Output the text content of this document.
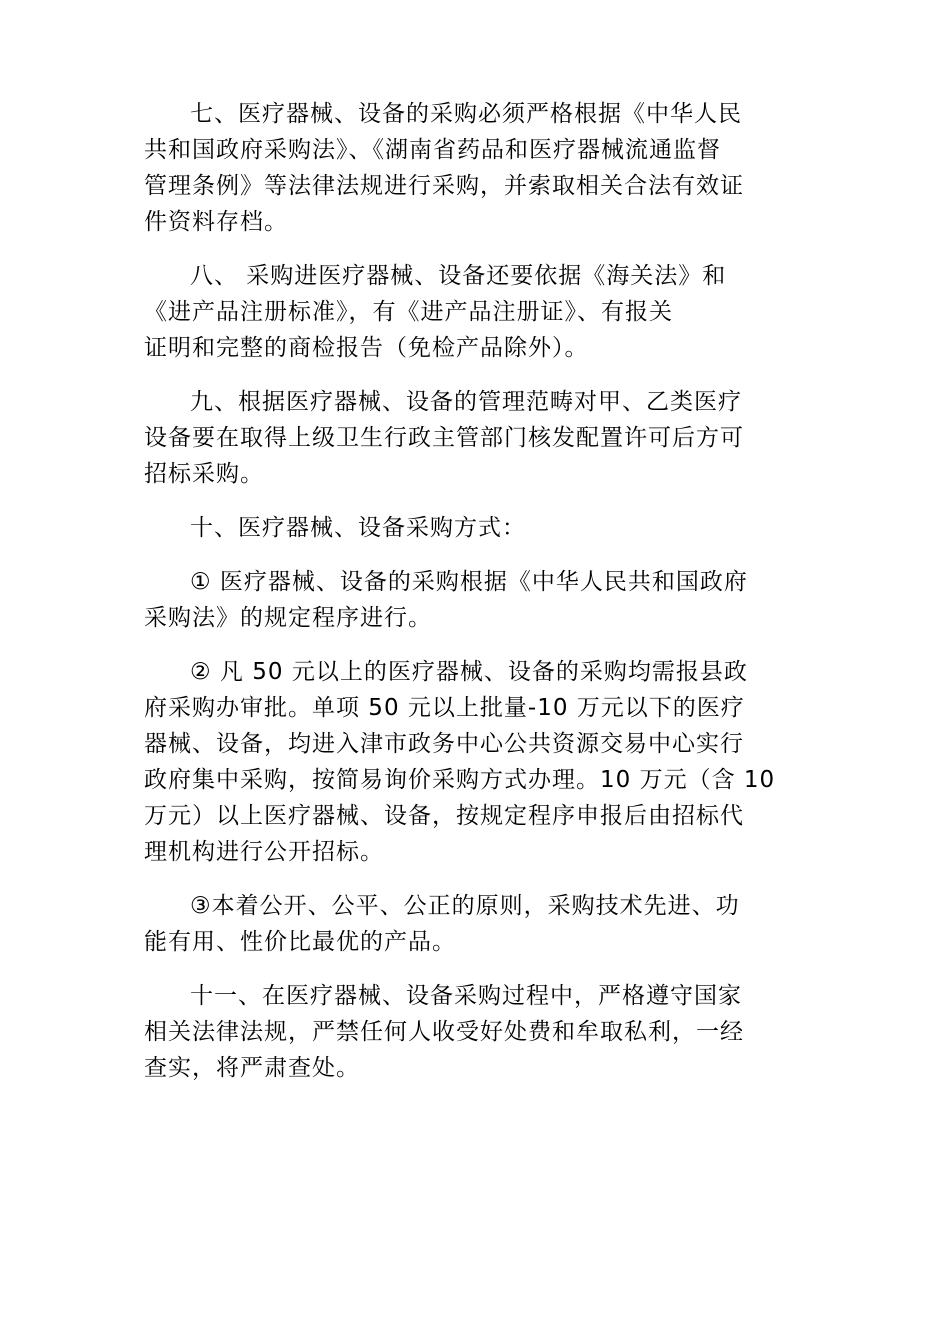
七、医疗器械、设备的采购必须严格根据《中华人民
共和国政府采购法》、《湖南省药品和医疗器械流通监督
管理条例》等法律法规进行采购，并索取相关合法有效证
件资料存档。

八、 采购进医疗器械、设备还要依据《海关法》和
《进产品注册标准》，有《进产品注册证》、有报关
证明和完整的商检报告（免检产品除外）。

九、根据医疗器械、设备的管理范畴对甲、乙类医疗
设备要在取得上级卫生行政主管部门核发配置许可后方可
招标采购。

十、医疗器械、设备采购方式：

① 医疗器械、设备的采购根据《中华人民共和国政府
采购法》的规定程序进行。

② 凡 50 元以上的医疗器械、设备的采购均需报县政
府采购办审批。单项 50 元以上批量-10 万元以下的医疗
器械、设备，均进入津市政务中心公共资源交易中心实行
政府集中采购，按简易询价采购方式办理。10 万元（含 10
万元）以上医疗器械、设备，按规定程序申报后由招标代
理机构进行公开招标。

③本着公开、公平、公正的原则，采购技术先进、功
能有用、性价比最优的产品。

十一、在医疗器械、设备采购过程中，严格遵守国家
相关法律法规，严禁任何人收受好处费和牟取私利，一经
查实，将严肃查处。
